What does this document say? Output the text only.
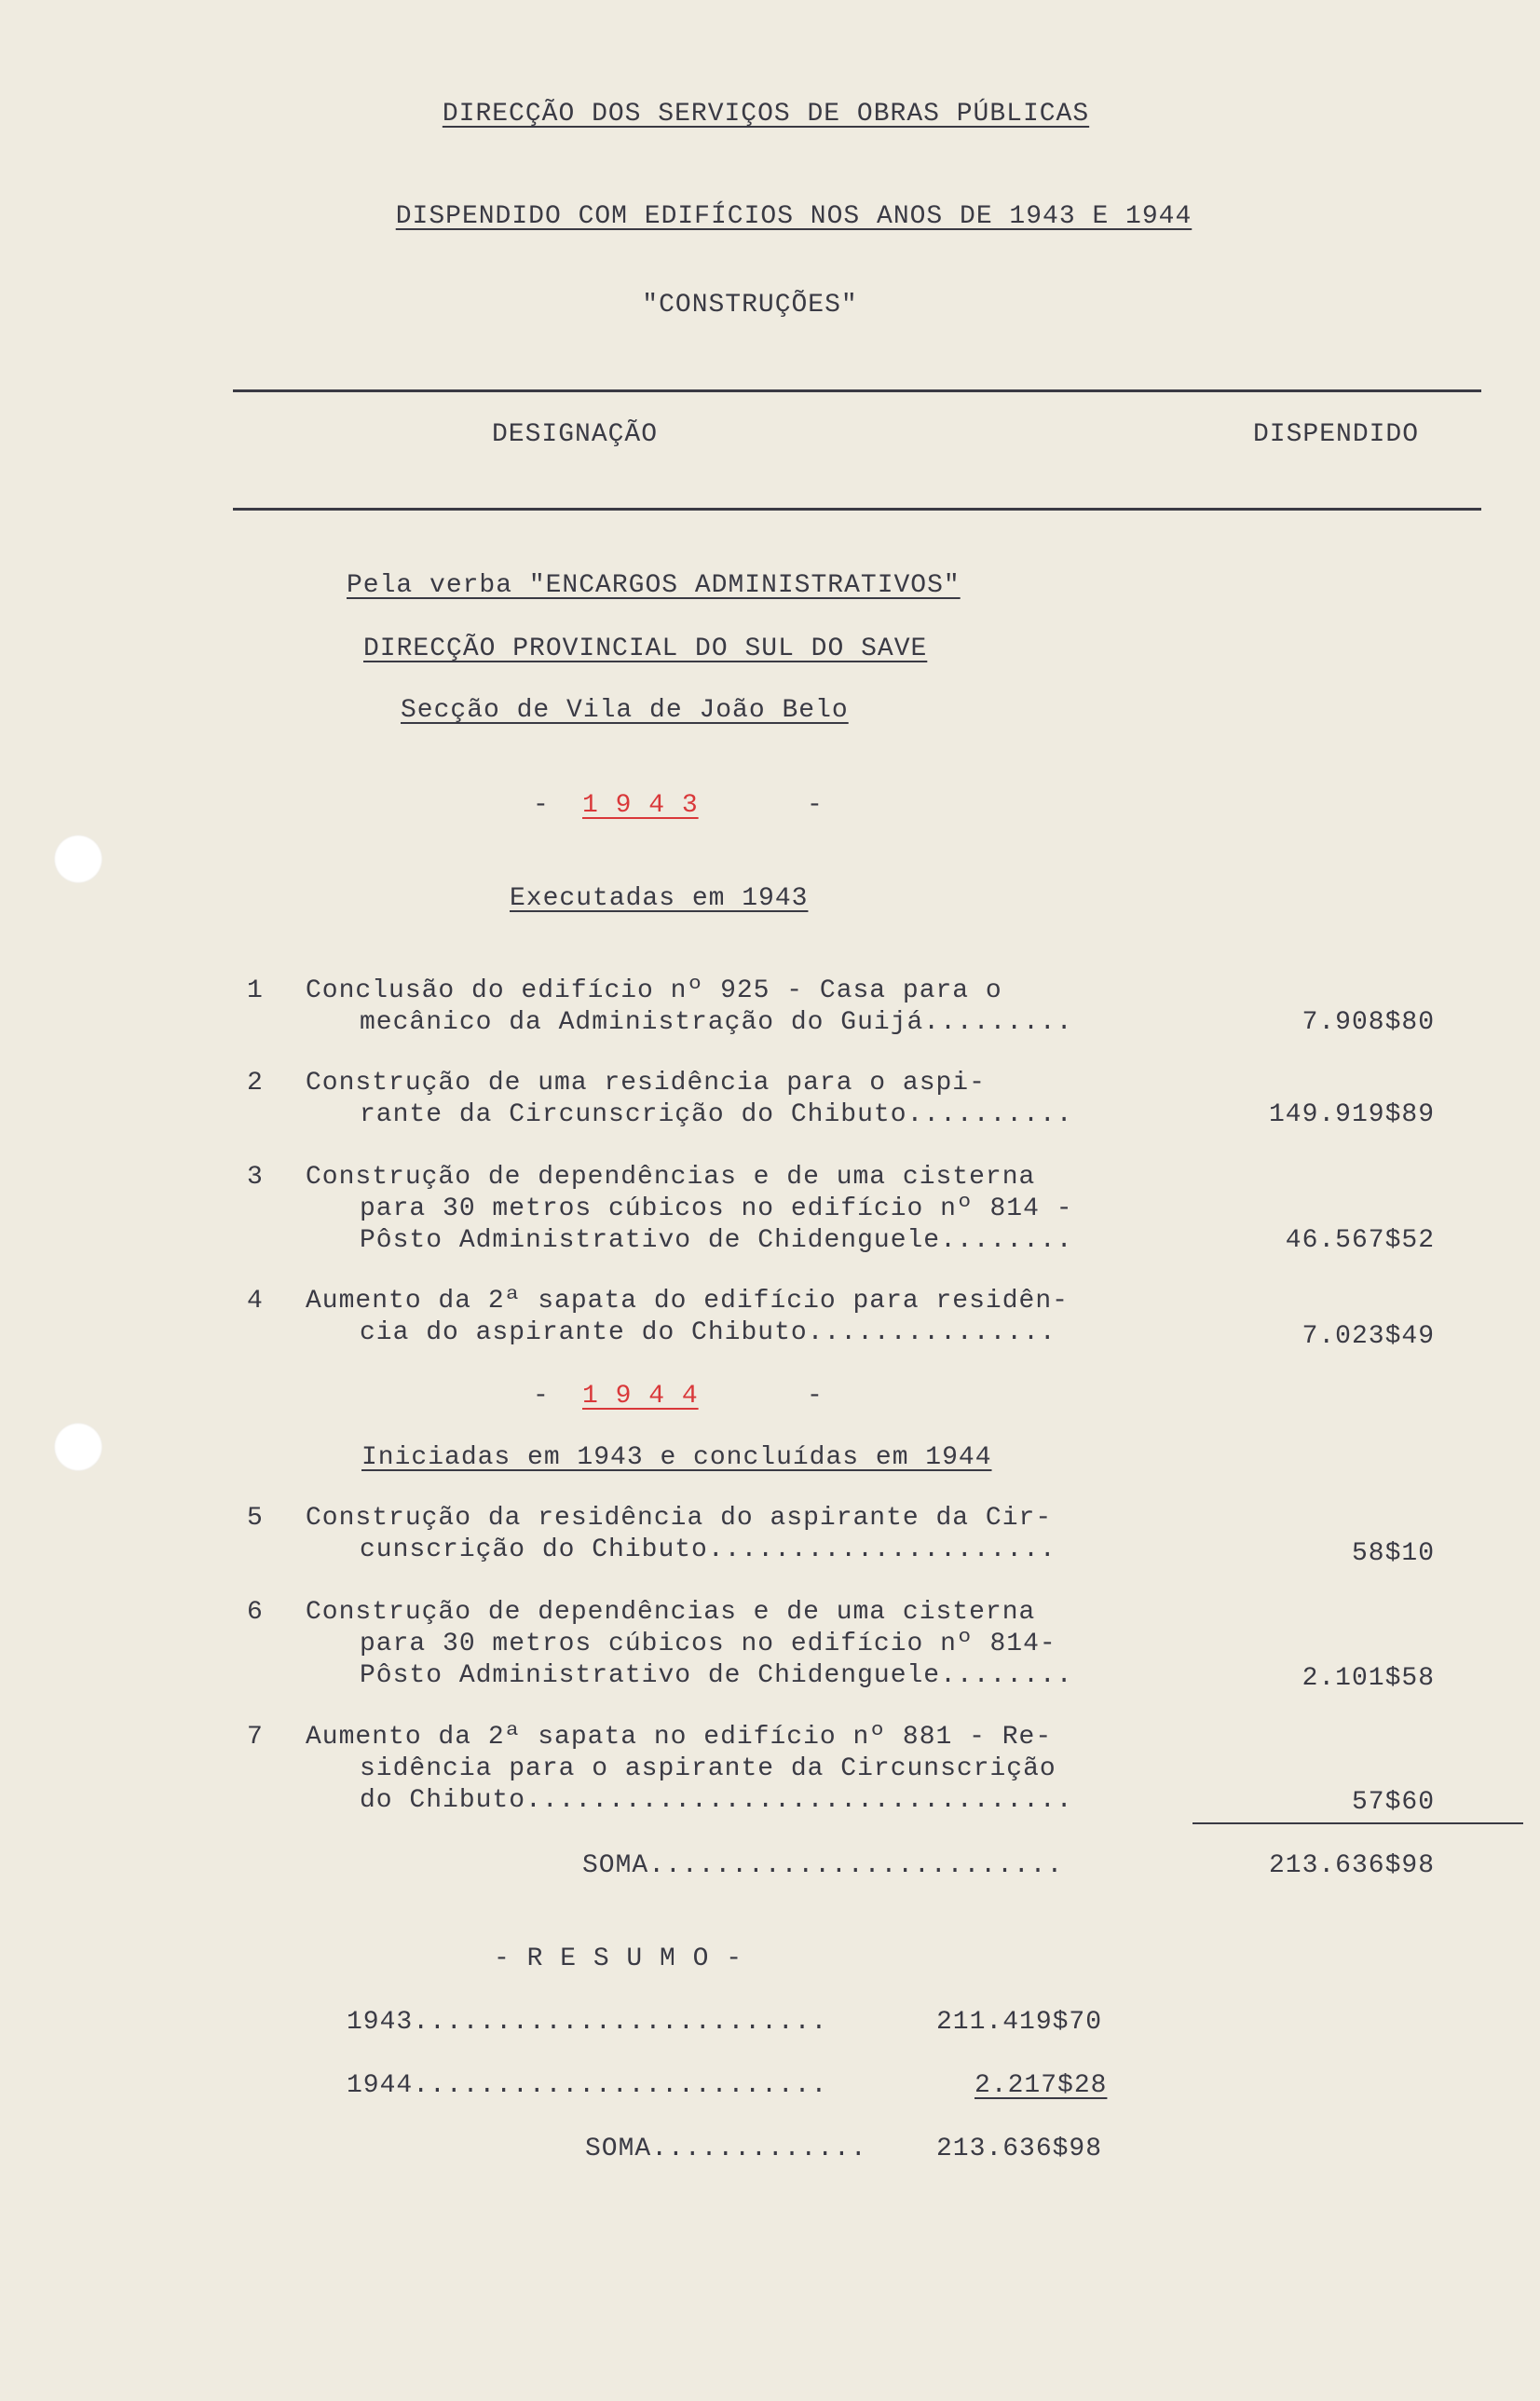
DIRECÇÃO DOS SERVIÇOS DE OBRAS PÚBLICAS
DISPENDIDO COM EDIFÍCIOS NOS ANOS DE 1943 E 1944
"CONSTRUÇÕES"
DESIGNAÇÃO	DISPENDIDO
Pela verba "ENCARGOS ADMINISTRATIVOS"
DIRECÇÃO PROVINCIAL DO SUL DO SAVE
Secção de Vila de João Belo
- 1 9 4 3	-
Executadas em 1943
1 Conclusão do edifício nº 925 - Casa para o
mecânico da Administração do Guijá.........	7.908$80
2 Construção de uma residência para o aspi-
rante da Circunscrição do Chibuto..........	149.919$89
3 Construção de dependências e de uma cisterna
para 30 metros cúbicos no edifício nº 814 -
Pôsto Administrativo de Chidenguele........	46.567$52
4 Aumento da 2ª sapata do edifício para residên-
cia do aspirante do Chibuto...............	7.023$49
- 1 9 4 4	-
Iniciadas em 1943 e concluídas em 1944
5 Construção da residência do aspirante da Cir-
cunscrição do Chibuto.....................	58$10
6 Construção de dependências e de uma cisterna
para 30 metros cúbicos no edifício nº 814-
Pôsto Administrativo de Chidenguele........	2.101$58
7 Aumento da 2ª sapata no edifício nº 881 - Re-
sidência para o aspirante da Circunscrição
do Chibuto.................................	57$60
SOMA.........................	213.636$98
- R E S U M O -
1943.........................	211.419$70
1944.........................	2.217$28
SOMA.............	213.636$98
